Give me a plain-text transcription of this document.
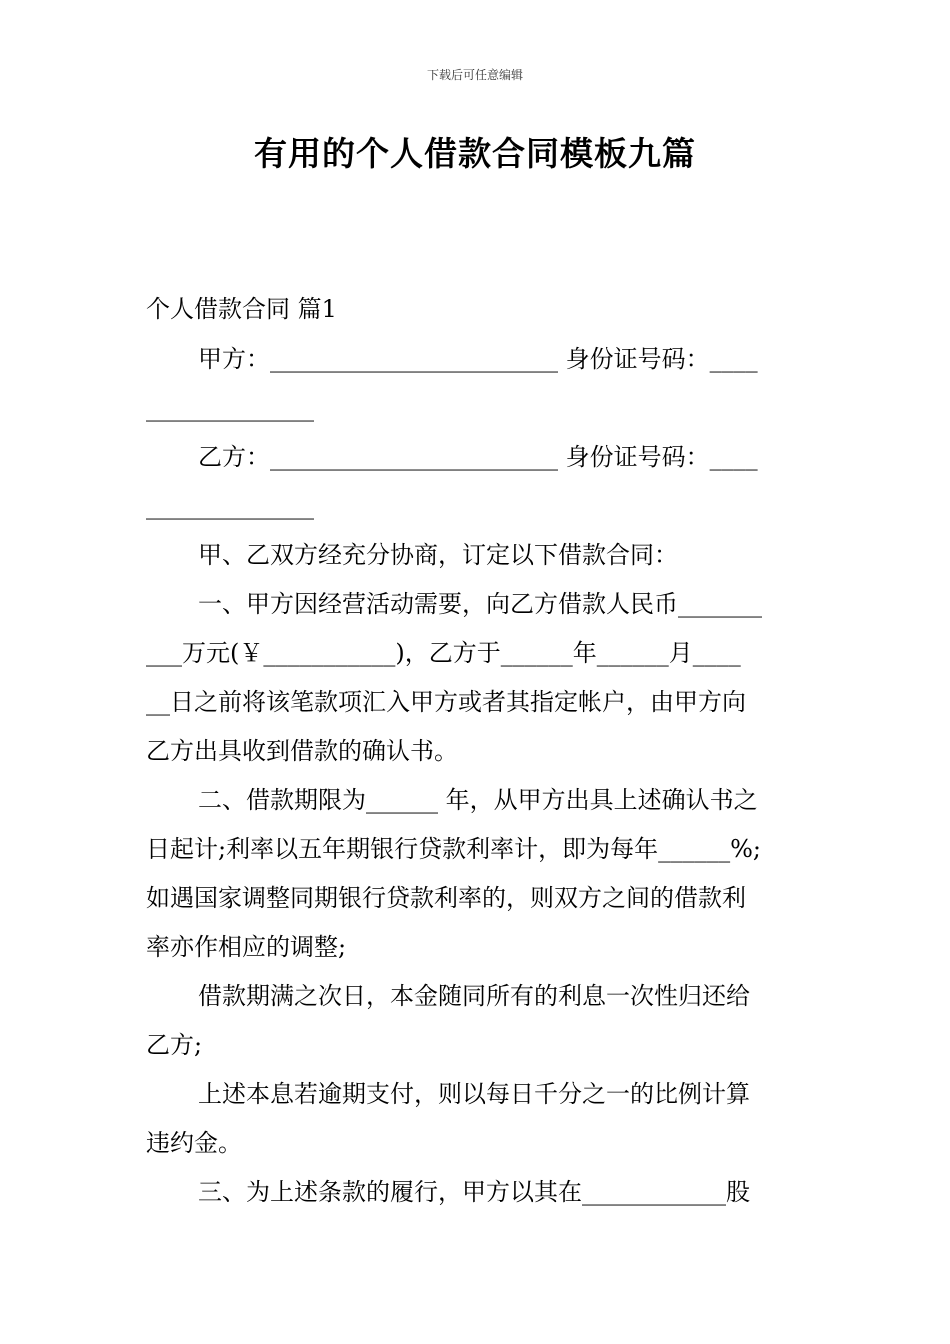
下载后可任意编辑
有用的个人借款合同模板九篇
个人借款合同 篇1
甲方：________________________ 身份证号码：____
______________
乙方：________________________ 身份证号码：____
______________
甲、乙双方经充分协商，订定以下借款合同：
一、甲方因经营活动需要，向乙方借款人民币_______
___万元(￥___________)，乙方于______年______月____
__日之前将该笔款项汇入甲方或者其指定帐户，由甲方向
乙方出具收到借款的确认书。
二、借款期限为______ 年，从甲方出具上述确认书之
日起计;利率以五年期银行贷款利率计，即为每年______%;
如遇国家调整同期银行贷款利率的，则双方之间的借款利
率亦作相应的调整;
借款期满之次日，本金随同所有的利息一次性归还给
乙方;
上述本息若逾期支付，则以每日千分之一的比例计算
违约金。
三、为上述条款的履行，甲方以其在____________股
